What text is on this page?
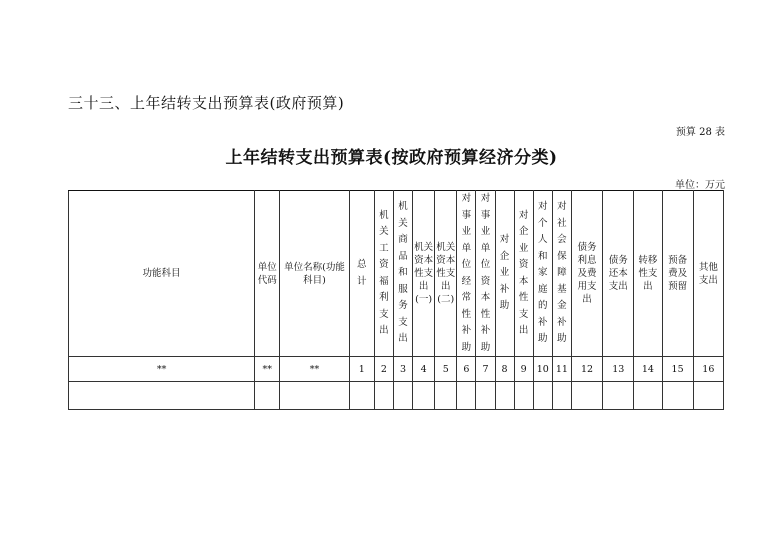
三十三、上年结转支出预算表(政府预算)
预算 28 表
上年结转支出预算表(按政府预算经济分类)
单位：万元
功能科目	单位代码	单位名称(功能科目)	总计	机关工资福利支出	机关商品和服务支出	机关资本性支出(一)	机关资本性支出(二)	对事业单位经常性补助	对事业单位资本性补助	对企业补助	对企业资本性支出	对个人和家庭的补助	对社会保障基金补助	债务利息及费用支出	债务还本支出	转移性支出	预备费及预留	其他支出
**	**	**	1	2	3	4	5	6	7	8	9	10	11	12	13	14	15	16
